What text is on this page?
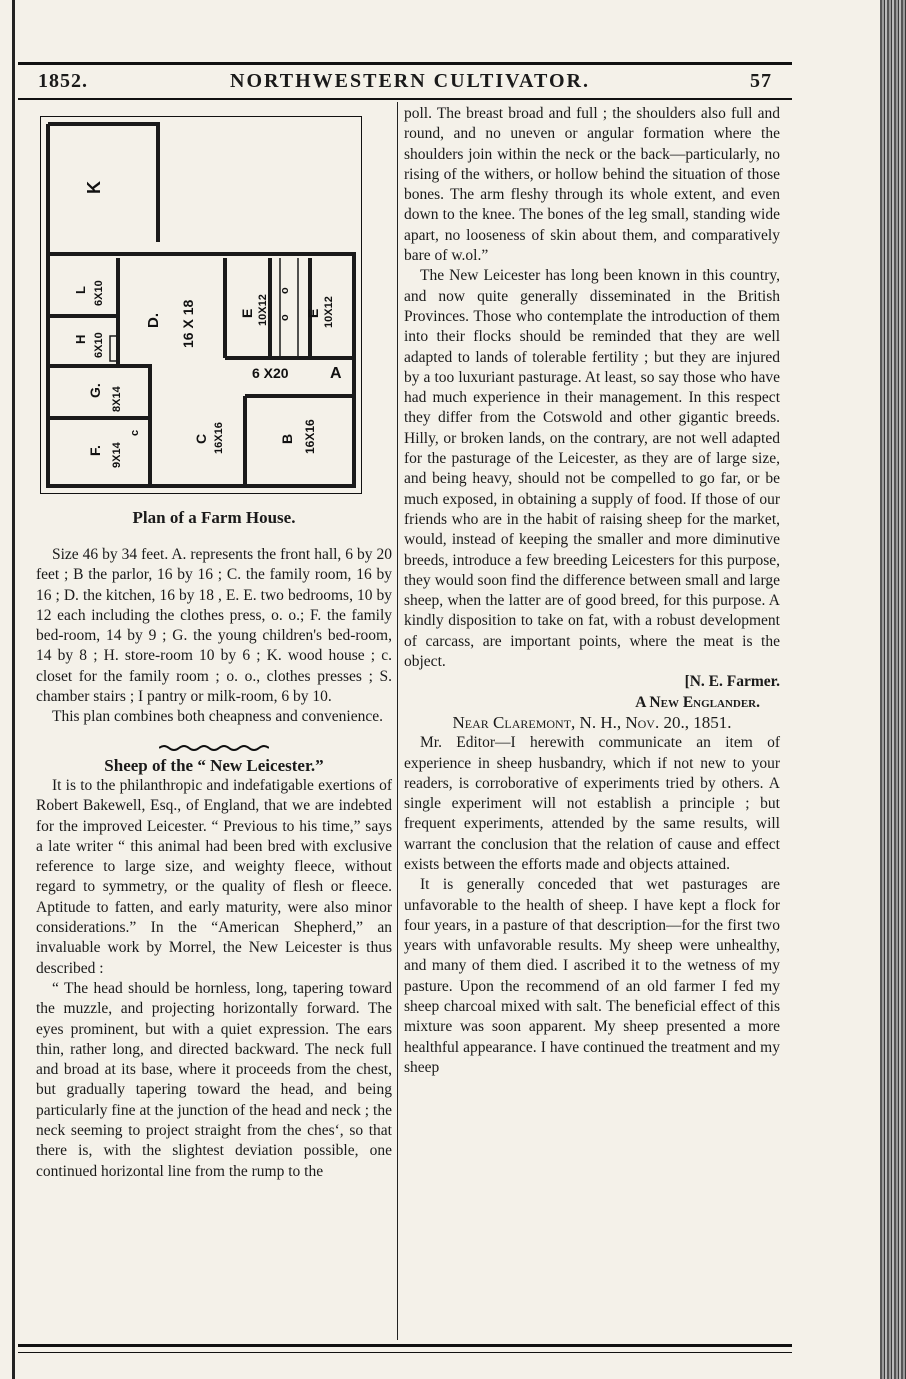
1852.	NORTHWESTERN CULTIVATOR.	57
K
L 6X10
H 6X10
D. 16 X 18	E 10X12
o
o E 10X12
6 X20	A
G. 8X14
F. 9X14
c
C 16X16	B 16X16
Plan of a Farm House.

Size 46 by 34 feet. A. represents the front hall, 6 by 20 feet ; B the parlor, 16 by 16 ; C. the family room, 16 by 16 ; D. the kitchen, 16 by 18 , E. E. two bedrooms, 10 by 12 each including the clothes press, o. o.; F. the family bed-room, 14 by 9 ; G. the young children's bed-room, 14 by 8 ; H. store-room 10 by 6 ; K. wood house ; c. closet for the family room ; o. o., clothes presses ; S. chamber stairs ; I pantry or milk-room, 6 by 10.

This plan combines both cheapness and convenience.

Sheep of the “ New Leicester.”

It is to the philanthropic and indefatigable exertions of Robert Bakewell, Esq., of England, that we are indebted for the improved Leicester. “ Previous to his time,” says a late writer “ this animal had been bred with exclusive reference to large size, and weighty fleece, without regard to symmetry, or the quality of flesh or fleece. Aptitude to fatten, and early maturity, were also minor considerations.” In the “American Shepherd,” an invaluable work by Morrel, the New Leicester is thus described :

“ The head should be hornless, long, tapering toward the muzzle, and projecting horizontally forward. The eyes prominent, but with a quiet expression. The ears thin, rather long, and directed backward. The neck full and broad at its base, where it proceeds from the chest, but gradually tapering toward the head, and being particularly fine at the junction of the head and neck ; the neck seeming to project straight from the chesʻ, so that there is, with the slightest deviation possible, one continued horizontal line from the rump to the

poll. The breast broad and full ; the shoulders also full and round, and no uneven or angular formation where the shoulders join within the neck or the back—particularly, no rising of the withers, or hollow behind the situation of those bones. The arm fleshy through its whole extent, and even down to the knee. The bones of the leg small, standing wide apart, no looseness of skin about them, and comparatively bare of w.ol.”

The New Leicester has long been known in this country, and now quite generally disseminated in the British Provinces. Those who contemplate the introduction of them into their flocks should be reminded that they are well adapted to lands of tolerable fertility ; but they are injured by a too luxuriant pasturage. At least, so say those who have had much experience in their management. In this respect they differ from the Cotswold and other gigantic breeds. Hilly, or broken lands, on the contrary, are not well adapted for the pasturage of the Leicester, as they are of large size, and being heavy, should not be compelled to go far, or be much exposed, in obtaining a supply of food. If those of our friends who are in the habit of raising sheep for the market, would, instead of keeping the smaller and more diminutive breeds, introduce a few breeding Leicesters for this purpose, they would soon find the difference between small and large sheep, when the latter are of good breed, for this purpose. A kindly disposition to take on fat, with a robust development of carcass, are important points, where the meat is the object.

[N. E. Farmer.

A New Englander.

Near Claremont, N. H., Nov. 20., 1851.

Mr. Editor—I herewith communicate an item of experience in sheep husbandry, which if not new to your readers, is corroborative of experiments tried by others. A single experiment will not establish a principle ; but frequent experiments, attended by the same results, will warrant the conclusion that the relation of cause and effect exists between the efforts made and objects attained.

It is generally conceded that wet pasturages are unfavorable to the health of sheep. I have kept a flock for four years, in a pasture of that description—for the first two years with unfavorable results. My sheep were unhealthy, and many of them died. I ascribed it to the wetness of my pasture. Upon the recommend of an old farmer I fed my sheep charcoal mixed with salt. The beneficial effect of this mixture was soon apparent. My sheep presented a more healthful appearance. I have continued the treatment and my sheep
